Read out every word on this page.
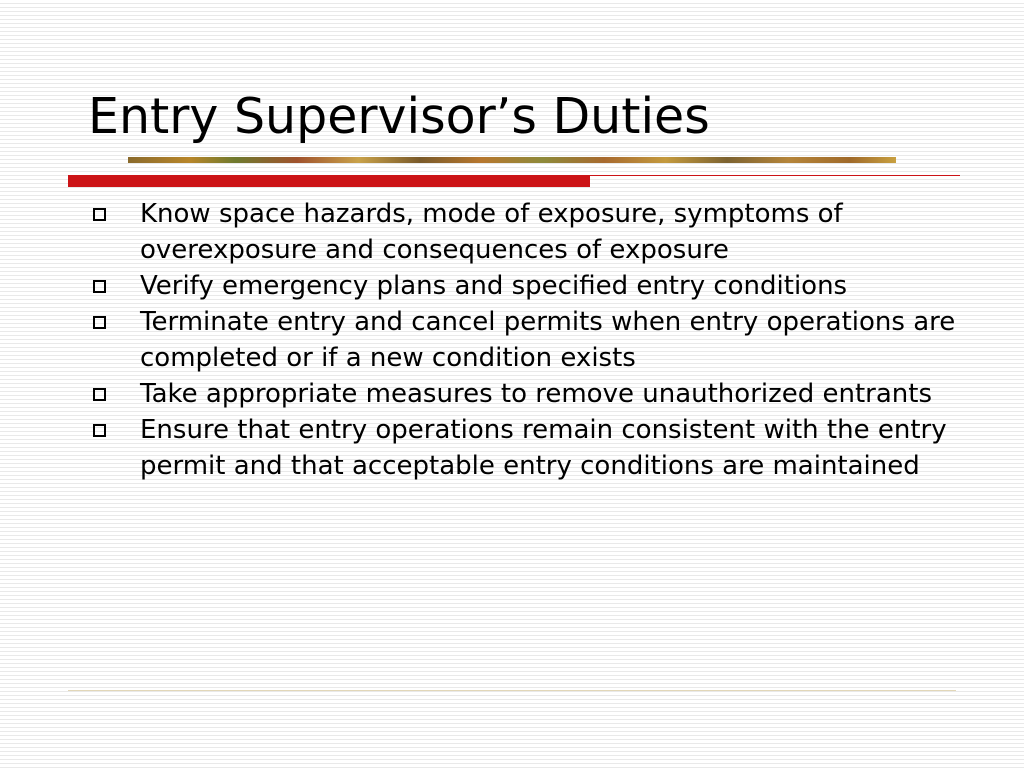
Entry Supervisor’s Duties
Know space hazards, mode of exposure, symptoms of overexposure and consequences of exposure
Verify emergency plans and specified entry conditions
Terminate entry and cancel permits when entry operations are completed or if a new condition exists
Take appropriate measures to remove unauthorized entrants
Ensure that entry operations remain consistent with the entry permit and that acceptable entry conditions are maintained
